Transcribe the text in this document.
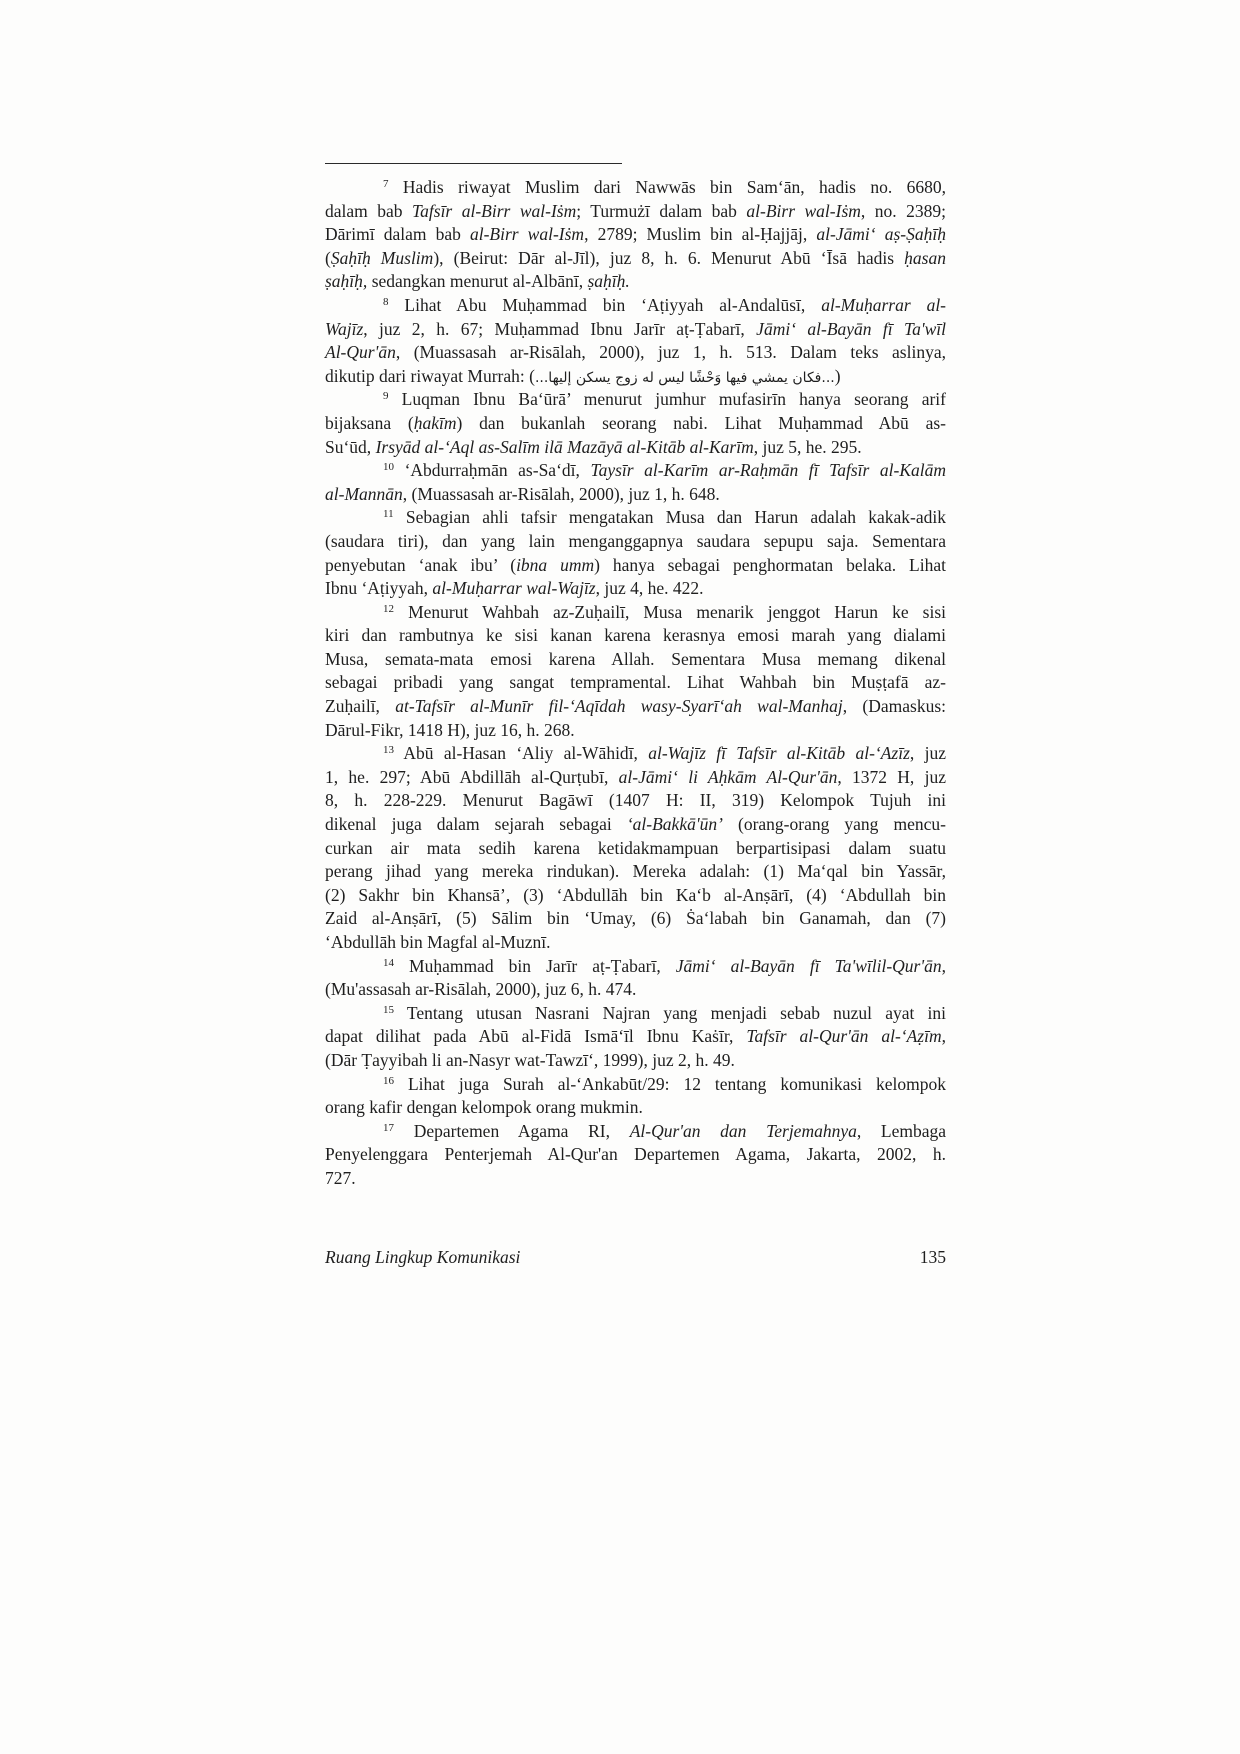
$^7$ Hadis riwayat Muslim dari Nawwās bin Sam‘ān, hadis no. 6680,
dalam bab Tafsīr al-Birr wal-Iṡm; Turmużī dalam bab al-Birr wal-Iṡm, no. 2389;
Dārimī dalam bab al-Birr wal-Iṡm, 2789; Muslim bin al-Ḥajjāj, al-Jāmi‘ aṣ-Ṣaḥīḥ
(Ṣaḥīḥ Muslim), (Beirut: Dār al-Jīl), juz 8, h. 6. Menurut Abū ‘Īsā hadis ḥasan
ṣaḥīḥ, sedangkan menurut al-Albānī, ṣaḥīḥ.
$^8$ Lihat Abu Muḥammad bin ‘Aṭiyyah al-Andalūsī, al-Muḥarrar al-
Wajīz, juz 2, h. 67; Muḥammad Ibnu Jarīr aṭ-Ṭabarī, Jāmi‘ al-Bayān fī Ta'wīl
Al-Qur'ān, (Muassasah ar-Risālah, 2000), juz 1, h. 513. Dalam teks aslinya,
dikutip dari riwayat Murrah: (...فكان يمشي فيها وَحْشًا ليس له زوج يسكن إليها...)
$^9$ Luqman Ibnu Ba‘ūrā’ menurut jumhur mufasirīn hanya seorang arif
bijaksana (ḥakīm) dan bukanlah seorang nabi. Lihat Muḥammad Abū as-
Su‘ūd, Irsyād al-‘Aql as-Salīm ilā Mazāyā al-Kitāb al-Karīm, juz 5, he. 295.
$^{10}$ ‘Abdurraḥmān as-Sa‘dī, Taysīr al-Karīm ar-Raḥmān fī Tafsīr al-Kalām
al-Mannān, (Muassasah ar-Risālah, 2000), juz 1, h. 648.
$^{11}$ Sebagian ahli tafsir mengatakan Musa dan Harun adalah kakak-adik
(saudara tiri), dan yang lain menganggapnya saudara sepupu saja. Sementara
penyebutan ‘anak ibu’ (ibna umm) hanya sebagai penghormatan belaka. Lihat
Ibnu ‘Aṭiyyah, al-Muḥarrar wal-Wajīz, juz 4, he. 422.
$^{12}$ Menurut Wahbah az-Zuḥailī, Musa menarik jenggot Harun ke sisi
kiri dan rambutnya ke sisi kanan karena kerasnya emosi marah yang dialami
Musa, semata-mata emosi karena Allah. Sementara Musa memang dikenal
sebagai pribadi yang sangat tempramental. Lihat Wahbah bin Muṣṭafā az-
Zuḥailī, at-Tafsīr al-Munīr fil-‘Aqīdah wasy-Syarī‘ah wal-Manhaj, (Damaskus:
Dārul-Fikr, 1418 H), juz 16, h. 268.
$^{13}$ Abū al-Hasan ‘Aliy al-Wāhidī, al-Wajīz fī Tafsīr al-Kitāb al-‘Azīz, juz
1, he. 297; Abū Abdillāh al-Qurṭubī, al-Jāmi‘ li Aḥkām Al-Qur'ān, 1372 H, juz
8, h. 228-229. Menurut Bagāwī (1407 H: II, 319) Kelompok Tujuh ini
dikenal juga dalam sejarah sebagai ‘al-Bakkā'ūn’ (orang-orang yang mencu-
curkan air mata sedih karena ketidakmampuan berpartisipasi dalam suatu
perang jihad yang mereka rindukan). Mereka adalah: (1) Ma‘qal bin Yassār,
(2) Sakhr bin Khansā’, (3) ‘Abdullāh bin Ka‘b al-Anṣārī, (4) ‘Abdullah bin
Zaid al-Anṣārī, (5) Sālim bin ‘Umay, (6) Ṡa‘labah bin Ganamah, dan (7)
‘Abdullāh bin Magfal al-Muznī.
$^{14}$ Muḥammad bin Jarīr aṭ-Ṭabarī, Jāmi‘ al-Bayān fī Ta'wīlil-Qur'ān,
(Mu'assasah ar-Risālah, 2000), juz 6, h. 474.
$^{15}$ Tentang utusan Nasrani Najran yang menjadi sebab nuzul ayat ini
dapat dilihat pada Abū al-Fidā Ismā‘īl Ibnu Kaṡīr, Tafsīr al-Qur'ān al-‘Aẓīm,
(Dār Ṭayyibah li an-Nasyr wat-Tawzī‘, 1999), juz 2, h. 49.
$^{16}$ Lihat juga Surah al-‘Ankabūt/29: 12 tentang komunikasi kelompok
orang kafir dengan kelompok orang mukmin.
$^{17}$ Departemen Agama RI, Al-Qur'an dan Terjemahnya, Lembaga
Penyelenggara Penterjemah Al-Qur'an Departemen Agama, Jakarta, 2002, h.
727.
Ruang Lingkup Komunikasi	135
